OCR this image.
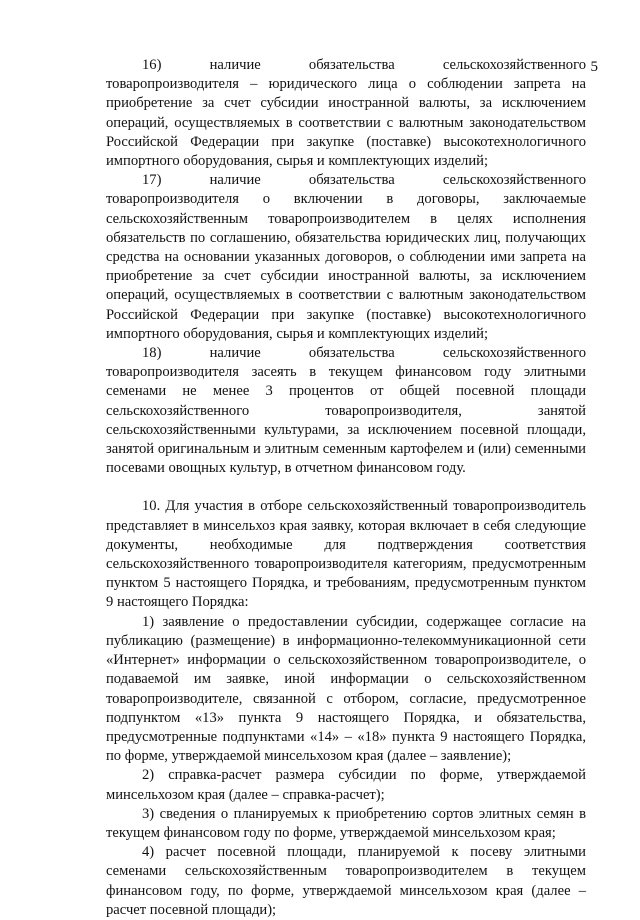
5

16) наличие обязательства сельскохозяйственного товаропроизводителя – юридического лица о соблюдении запрета на приобретение за счет субсидии иностранной валюты, за исключением операций, осуществляемых в соответствии с валютным законодательством Российской Федерации при закупке (поставке) высокотехнологичного импортного оборудования, сырья и комплектующих изделий;

17) наличие обязательства сельскохозяйственного товаропроизводителя о включении в договоры, заключаемые сельскохозяйственным товаропроизводителем в целях исполнения обязательств по соглашению, обязательства юридических лиц, получающих средства на основании указанных договоров, о соблюдении ими запрета на приобретение за счет субсидии иностранной валюты, за исключением операций, осуществляемых в соответствии с валютным законодательством Российской Федерации при закупке (поставке) высокотехнологичного импортного оборудования, сырья и комплектующих изделий;

18) наличие обязательства сельскохозяйственного товаропроизводителя засеять в текущем финансовом году элитными семенами не менее 3 процентов от общей посевной площади сельскохозяйственного товаропроизводителя, занятой сельскохозяйственными культурами, за исключением посевной площади, занятой оригинальным и элитным семенным картофелем и (или) семенными посевами овощных культур, в отчетном финансовом году.

10. Для участия в отборе сельскохозяйственный товаропроизводитель представляет в минсельхоз края заявку, которая включает в себя следующие документы, необходимые для подтверждения соответствия сельскохозяйственного товаропроизводителя категориям, предусмотренным пунктом 5 настоящего Порядка, и требованиям, предусмотренным пунктом 9 настоящего Порядка:

1) заявление о предоставлении субсидии, содержащее согласие на публикацию (размещение) в информационно-телекоммуникационной сети «Интернет» информации о сельскохозяйственном товаропроизводителе, о подаваемой им заявке, иной информации о сельскохозяйственном товаропроизводителе, связанной с отбором, согласие, предусмотренное подпунктом «13» пункта 9 настоящего Порядка, и обязательства, предусмотренные подпунктами «14» – «18» пункта 9 настоящего Порядка, по форме, утверждаемой минсельхозом края (далее – заявление);

2) справка-расчет размера субсидии по форме, утверждаемой минсельхозом края (далее – справка-расчет);

3) сведения о планируемых к приобретению сортов элитных семян в текущем финансовом году по форме, утверждаемой минсельхозом края;

4) расчет посевной площади, планируемой к посеву элитными семенами сельскохозяйственным товаропроизводителем в текущем финансовом году, по форме, утверждаемой минсельхозом края (далее – расчет посевной площади);
